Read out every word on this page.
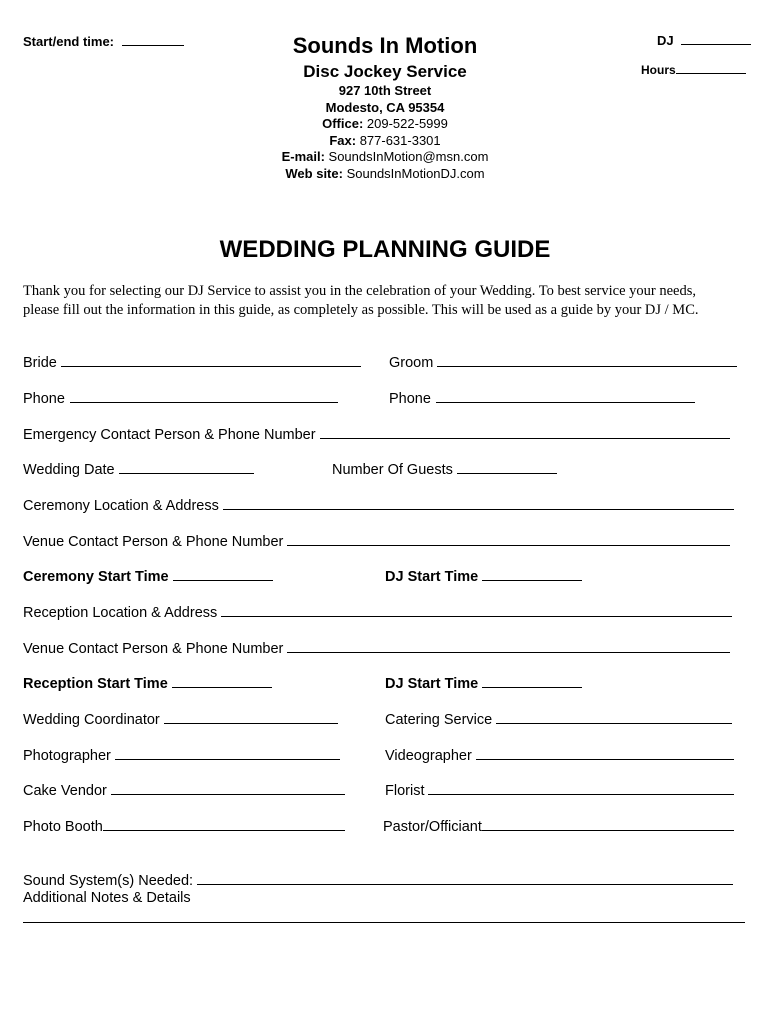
Start/end time:	DJ
Hours
Sounds In Motion
Disc Jockey Service
927 10th Street
Modesto, CA 95354
Office: 209-522-5999
Fax: 877-631-3301
E-mail: SoundsInMotion@msn.com
Web site: SoundsInMotionDJ.com
WEDDING PLANNING GUIDE
Thank you for selecting our DJ Service to assist you in the celebration of your Wedding. To best service your needs,
please fill out the information in this guide, as completely as possible. This will be used as a guide by your DJ / MC.
Bride	Groom
Phone	Phone
Emergency Contact Person & Phone Number
Wedding Date	Number Of Guests
Ceremony Location & Address
Venue Contact Person & Phone Number
Ceremony Start Time	DJ Start Time
Reception Location & Address
Venue Contact Person & Phone Number
Reception Start Time	DJ Start Time
Wedding Coordinator	Catering Service
Photographer	Videographer
Cake Vendor	Florist
Photo Booth	Pastor/Officiant
Sound System(s) Needed:
Additional Notes & Details
